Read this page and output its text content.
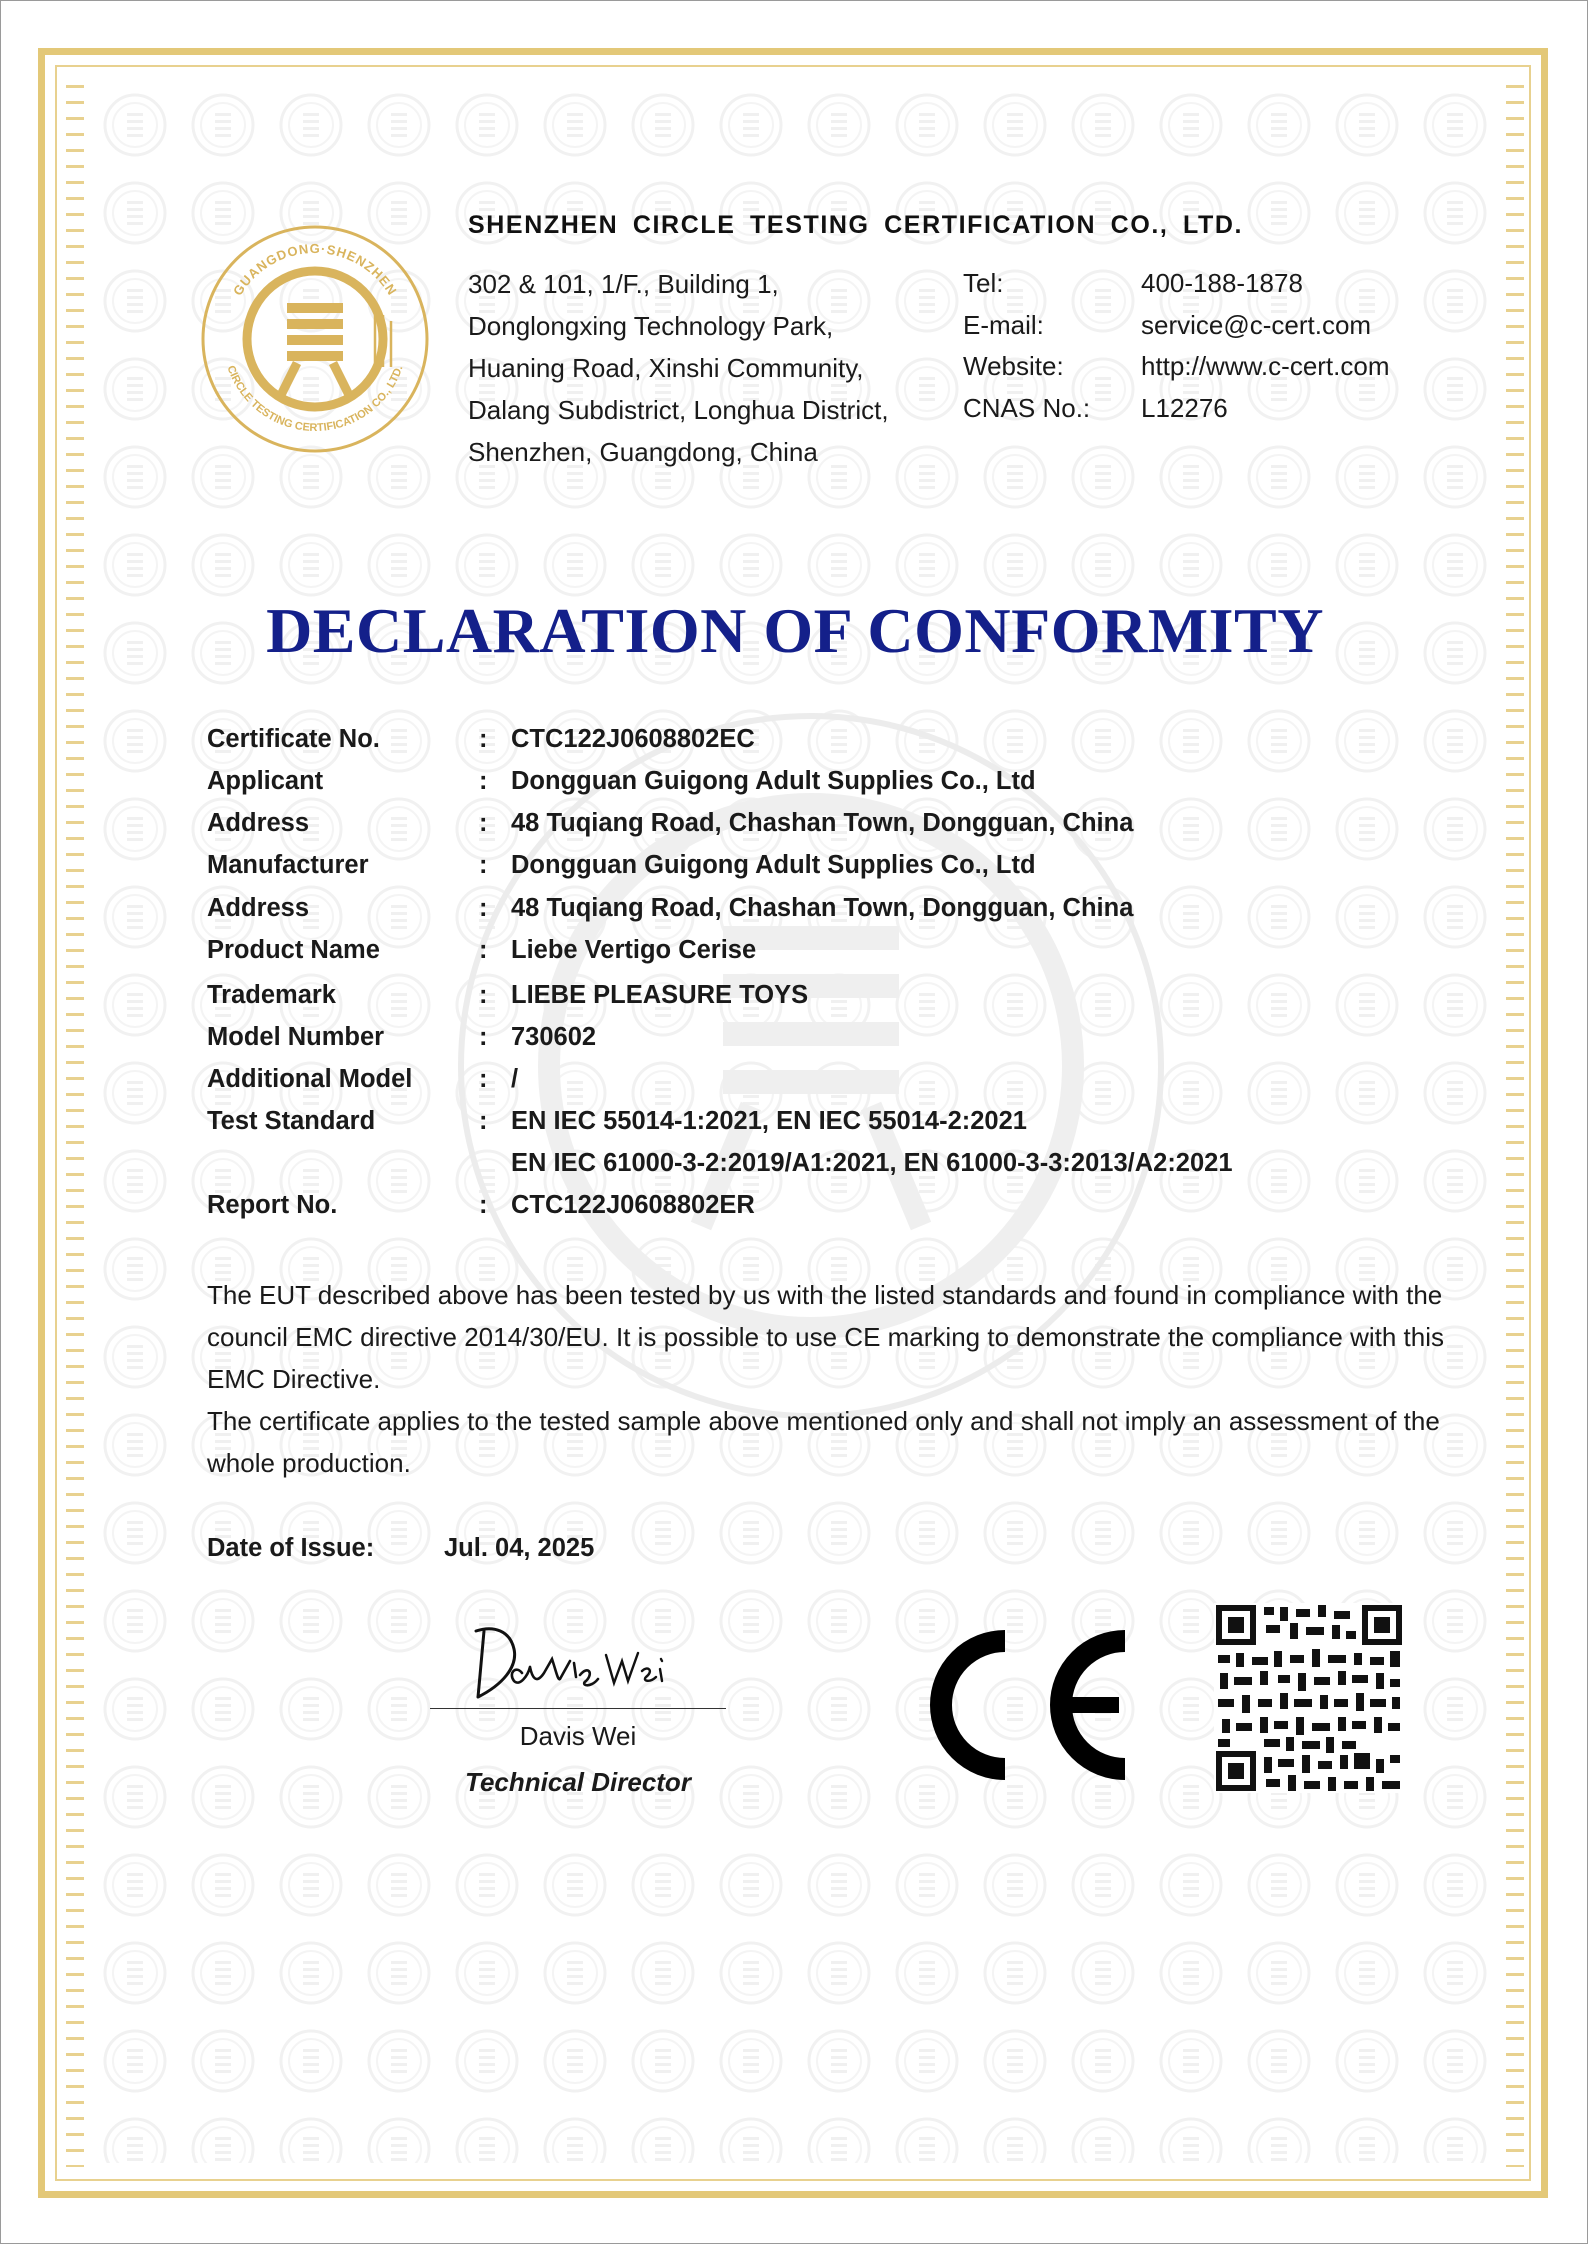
GUANGDONG·SHENZHEN
CIRCLE TESTING CERTIFICATION CO., LTD.
SHENZHEN CIRCLE TESTING CERTIFICATION CO., LTD.
302 & 101, 1/F., Building 1,
Donglongxing Technology Park,
Huaning Road, Xinshi Community,
Dalang Subdistrict, Longhua District,
Shenzhen, Guangdong, China
Tel:	400-188-1878
E-mail:	service@c-cert.com
Website:	http://www.c-cert.com
CNAS No.:	L12276
DECLARATION OF CONFORMITY
Certificate No.	: CTC122J0608802EC
Applicant	: Dongguan Guigong Adult Supplies Co., Ltd
Address	: 48 Tuqiang Road, Chashan Town, Dongguan, China
Manufacturer	: Dongguan Guigong Adult Supplies Co., Ltd
Address	: 48 Tuqiang Road, Chashan Town, Dongguan, China
Product Name	: Liebe Vertigo Cerise
Trademark	: LIEBE PLEASURE TOYS
Model Number	: 730602
Additional Model	: /
Test Standard	: EN IEC 55014-1:2021, EN IEC 55014-2:2021
EN IEC 61000-3-2:2019/A1:2021, EN 61000-3-3:2013/A2:2021
Report No.	: CTC122J0608802ER

The EUT described above has been tested by us with the listed standards and found in compliance with the council EMC directive 2014/30/EU. It is possible to use CE marking to demonstrate the compliance with this EMC Directive.

The certificate applies to the tested sample above mentioned only and shall not imply an assessment of the whole production.

Date of Issue:	Jul. 04, 2025
Davis Wei
Technical Director
